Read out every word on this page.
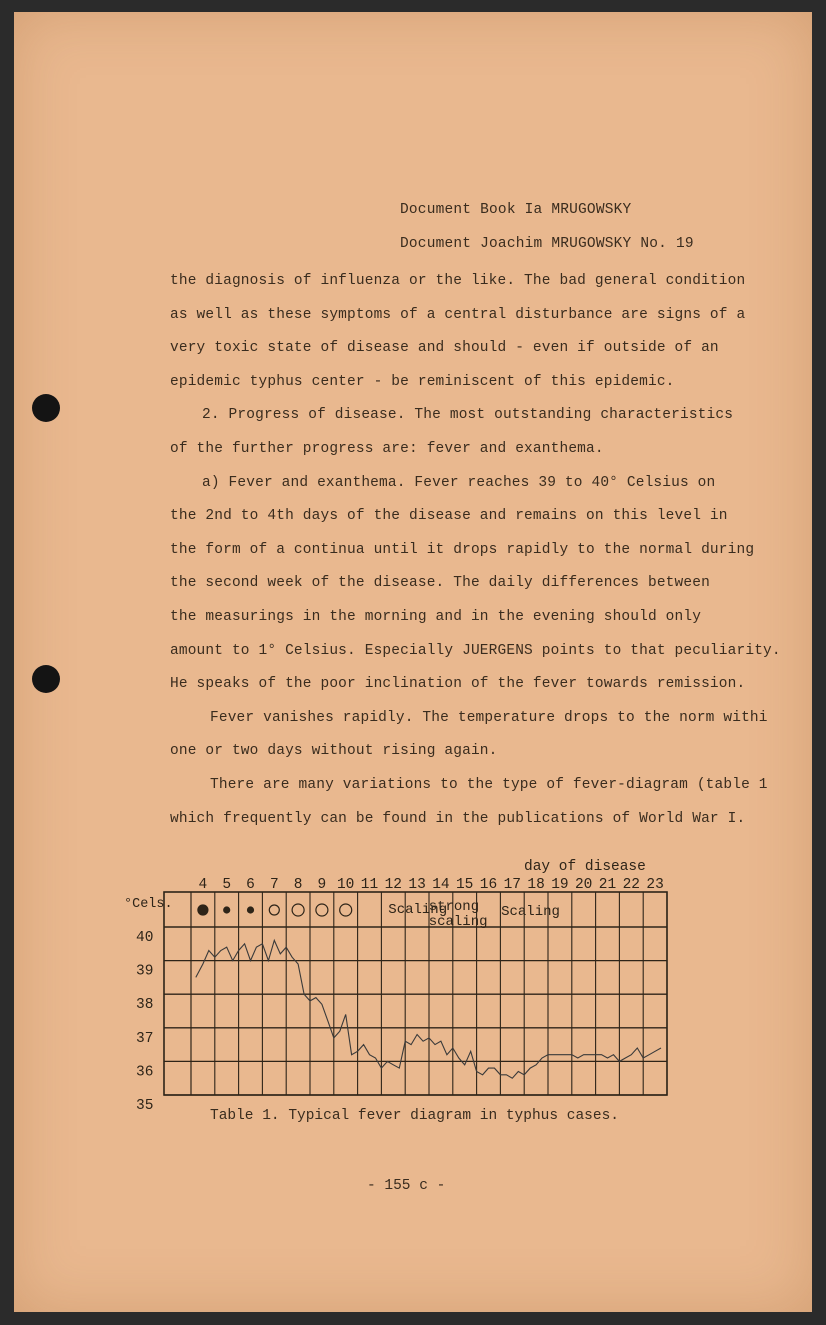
Document Book Ia MRUGOWSKY
Document Joachim MRUGOWSKY No. 19
the diagnosis of influenza or the like. The bad general condition
as well as these symptoms of a central disturbance are signs of a
very toxic state of disease and should - even if outside of an
epidemic typhus center - be reminiscent of this epidemic.
2. Progress of disease. The most outstanding characteristics
of the further progress are: fever and exanthema.
a) Fever and exanthema. Fever reaches 39 to 40° Celsius on
the 2nd to 4th days of the disease and remains on this level in
the form of a continua until it drops rapidly to the normal during
the second week of the disease. The daily differences between
the measurings in the morning and in the evening should only
amount to 1° Celsius. Especially JUERGENS points to that peculiarity.
He speaks of the poor inclination of the fever towards remission.
Fever vanishes rapidly. The temperature drops to the norm withi
one or two days without rising again.
There are many variations to the type of fever-diagram (table 1
which frequently can be found in the publications of World War I.
40
39
38
37
36
35
4 5 6 7 8 9 10 11 12 13 14 15 16 17 18 19 20 21 22 23
Scaling
strong
scaling
Scaling
day of disease
°Cels.
Table 1. Typical fever diagram in typhus cases.
- 155 c -
